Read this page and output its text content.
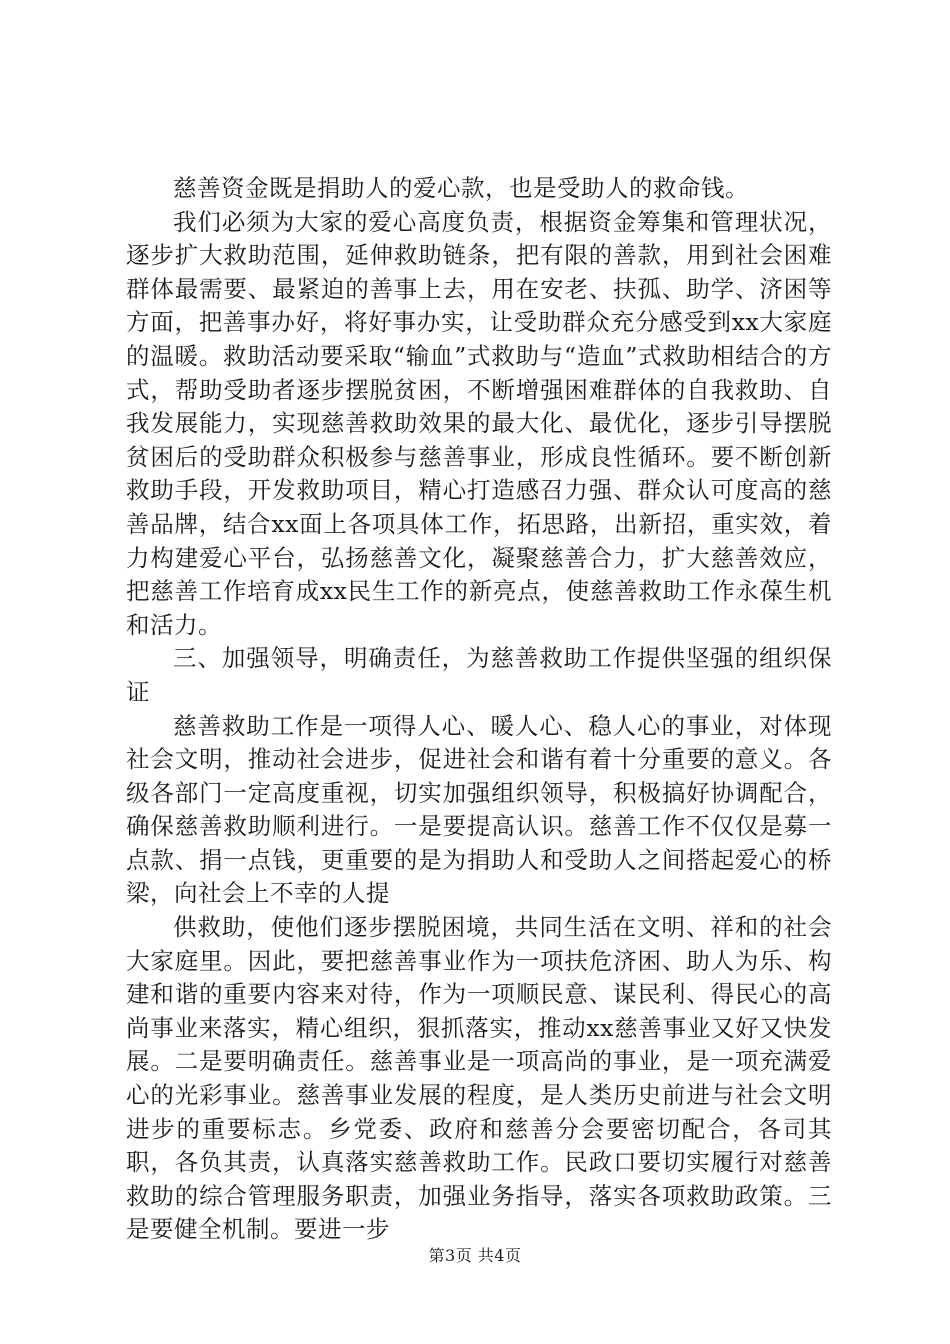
慈善资金既是捐助人的爱心款，也是受助人的救命钱。

我们必须为大家的爱心高度负责，根据资金筹集和管理状况，逐步扩大救助范围，延伸救助链条，把有限的善款，用到社会困难群体最需要、最紧迫的善事上去，用在安老、扶孤、助学、济困等方面，把善事办好，将好事办实，让受助群众充分感受到xx大家庭的温暖。救助活动要采取“输血”式救助与“造血”式救助相结合的方式，帮助受助者逐步摆脱贫困，不断增强困难群体的自我救助、自我发展能力，实现慈善救助效果的最大化、最优化，逐步引导摆脱贫困后的受助群众积极参与慈善事业，形成良性循环。要不断创新救助手段，开发救助项目，精心打造感召力强、群众认可度高的慈善品牌，结合xx面上各项具体工作，拓思路，出新招，重实效，着力构建爱心平台，弘扬慈善文化，凝聚慈善合力，扩大慈善效应，把慈善工作培育成xx民生工作的新亮点，使慈善救助工作永葆生机和活力。

三、加强领导，明确责任，为慈善救助工作提供坚强的组织保证

慈善救助工作是一项得人心、暖人心、稳人心的事业，对体现社会文明，推动社会进步，促进社会和谐有着十分重要的意义。各级各部门一定高度重视，切实加强组织领导，积极搞好协调配合，确保慈善救助顺利进行。一是要提高认识。慈善工作不仅仅是募一点款、捐一点钱，更重要的是为捐助人和受助人之间搭起爱心的桥梁，向社会上不幸的人提

供救助，使他们逐步摆脱困境，共同生活在文明、祥和的社会大家庭里。因此，要把慈善事业作为一项扶危济困、助人为乐、构建和谐的重要内容来对待，作为一项顺民意、谋民利、得民心的高尚事业来落实，精心组织，狠抓落实，推动xx慈善事业又好又快发展。二是要明确责任。慈善事业是一项高尚的事业，是一项充满爱心的光彩事业。慈善事业发展的程度，是人类历史前进与社会文明进步的重要标志。乡党委、政府和慈善分会要密切配合，各司其职，各负其责，认真落实慈善救助工作。民政口要切实履行对慈善救助的综合管理服务职责，加强业务指导，落实各项救助政策。三是要健全机制。要进一步

第3页 共4页
